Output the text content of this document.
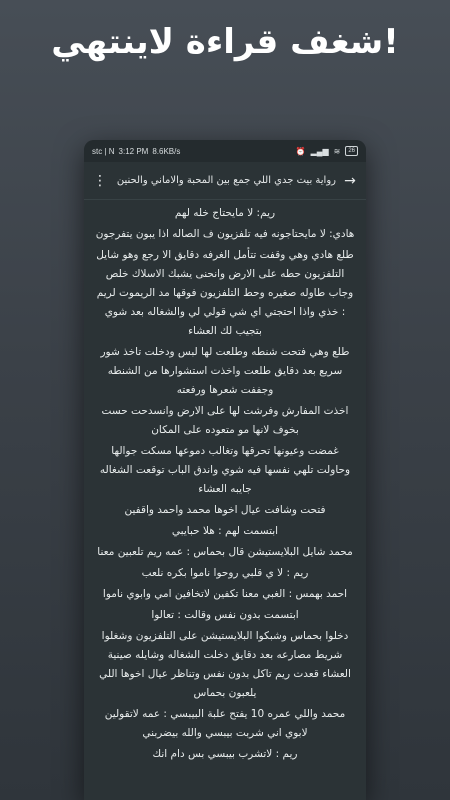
!شغف قراءة لاينتهي
stc | N 3:12 PM 8.6KB/s	⏰ ▂▄▆ ≋	26
⋮ رواية بيت جدي اللي جمع بين المحبة والاماني والحنين →

ريم: لا مايحتاج خله لهم

هادي: لا مايحتاجونه فيه تلفزيون ف الصاله اذا يبون يتفرجون

طلع هادي وهي وقفت تتأمل الغرفه دقايق الا رجع وهو شايل التلفزيون حطه على الارض وانحنى يشبك الاسلاك خلص وجاب طاوله صغيره وحط التلفزيون فوقها مد الريموت لريم : خذي واذا احتجتي اي شي قولي لي والشغاله بعد شوي بتجيب لك العشاء

طلع وهي فتحت شنطه وطلعت لها لبس ودخلت تاخذ شور سريع بعد دقايق طلعت واخذت استشوارها من الشنطه وجففت شعرها ورفعته

اخذت المفارش وفرشت لها على الارض وانسدحت حست بخوف لانها مو متعوده على المكان

غمضت وعيونها تحرقها وتغالب دموعها مسكت جوالها وحاولت تلهي نفسها فيه شوي واندق الباب توقعت الشغاله جايبه العشاء

فتحت وشافت عيال اخوها محمد واحمد واقفين

ابتسمت لهم : هلا حبايبي

محمد شايل البلايستيشن قال بحماس : عمه ريم تلعبين معنا

ريم : لا ي قلبي روحوا ناموا بكره نلعب

احمد بهمس : الغبي معنا تكفين لاتخافين امي وابوي ناموا

ابتسمت بدون نفس وقالت : تعالوا

دخلوا بحماس وشبكوا البلايستيشن على التلفزيون وشغلوا شريط مصارعه بعد دقايق دخلت الشغاله وشايله صينية العشاء قعدت ريم تاكل بدون نفس وتناظر عيال اخوها اللي يلعبون بحماس

محمد واللي عمره 10 يفتح علبة البيبسي : عمه لاتقولين لابوي اني شربت بيبسي والله بيضربني

ريم : لاتشرب بيبسي بس دام انك
